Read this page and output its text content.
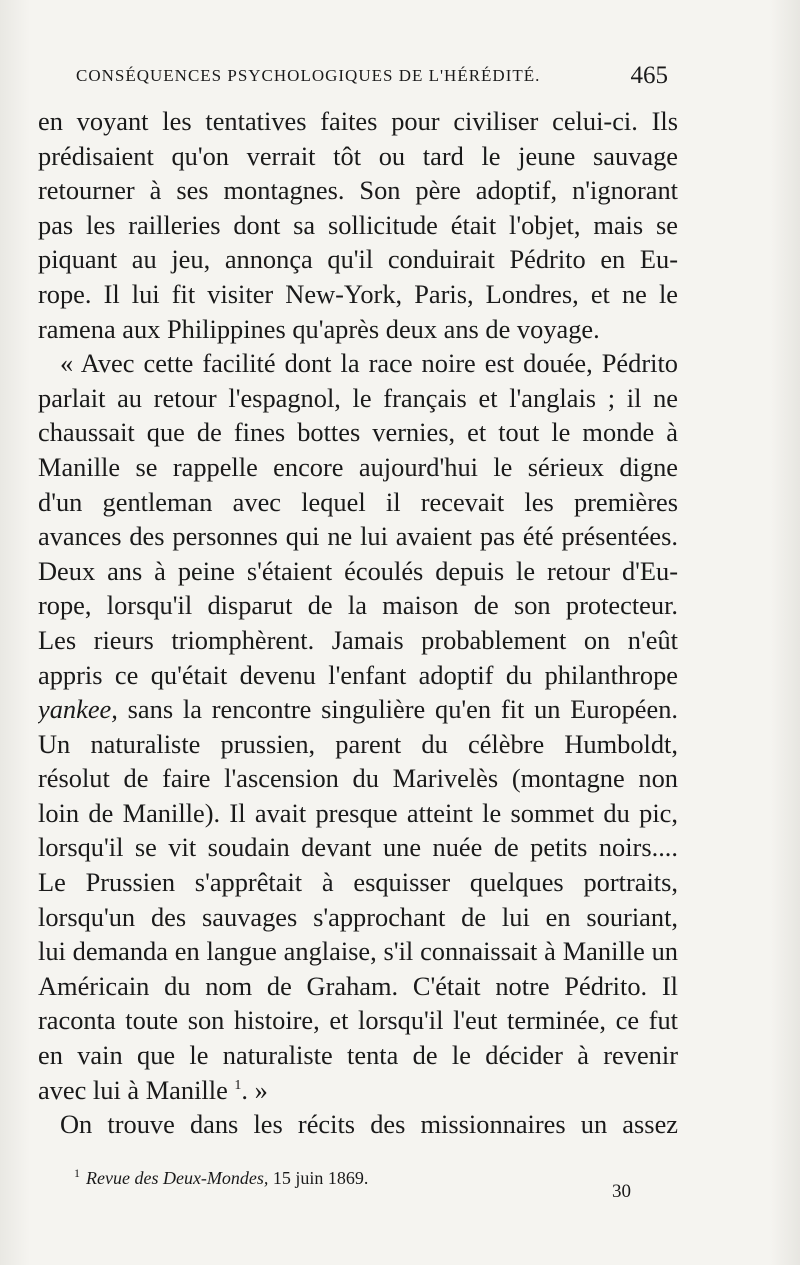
CONSÉQUENCES PSYCHOLOGIQUES DE L'HÉRÉDITÉ.	465
en voyant les tentatives faites pour civiliser celui-ci. Ils
prédisaient qu'on verrait tôt ou tard le jeune sauvage
retourner à ses montagnes. Son père adoptif, n'ignorant
pas les railleries dont sa sollicitude était l'objet, mais se
piquant au jeu, annonça qu'il conduirait Pédrito en Eu-
rope. Il lui fit visiter New-York, Paris, Londres, et ne le
ramena aux Philippines qu'après deux ans de voyage.
« Avec cette facilité dont la race noire est douée, Pédrito
parlait au retour l'espagnol, le français et l'anglais ; il ne
chaussait que de fines bottes vernies, et tout le monde à
Manille se rappelle encore aujourd'hui le sérieux digne
d'un gentleman avec lequel il recevait les premières
avances des personnes qui ne lui avaient pas été présentées.
Deux ans à peine s'étaient écoulés depuis le retour d'Eu-
rope, lorsqu'il disparut de la maison de son protecteur.
Les rieurs triomphèrent. Jamais probablement on n'eût
appris ce qu'était devenu l'enfant adoptif du philanthrope
yankee, sans la rencontre singulière qu'en fit un Européen.
Un naturaliste prussien, parent du célèbre Humboldt,
résolut de faire l'ascension du Marivelès (montagne non
loin de Manille). Il avait presque atteint le sommet du pic,
lorsqu'il se vit soudain devant une nuée de petits noirs....
Le Prussien s'apprêtait à esquisser quelques portraits,
lorsqu'un des sauvages s'approchant de lui en souriant,
lui demanda en langue anglaise, s'il connaissait à Manille un
Américain du nom de Graham. C'était notre Pédrito. Il
raconta toute son histoire, et lorsqu'il l'eut terminée, ce fut
en vain que le naturaliste tenta de le décider à revenir
avec lui à Manille $^1$. »
On trouve dans les récits des missionnaires un assez
$^1$ Revue des Deux-Mondes, 15 juin 1869.
30
